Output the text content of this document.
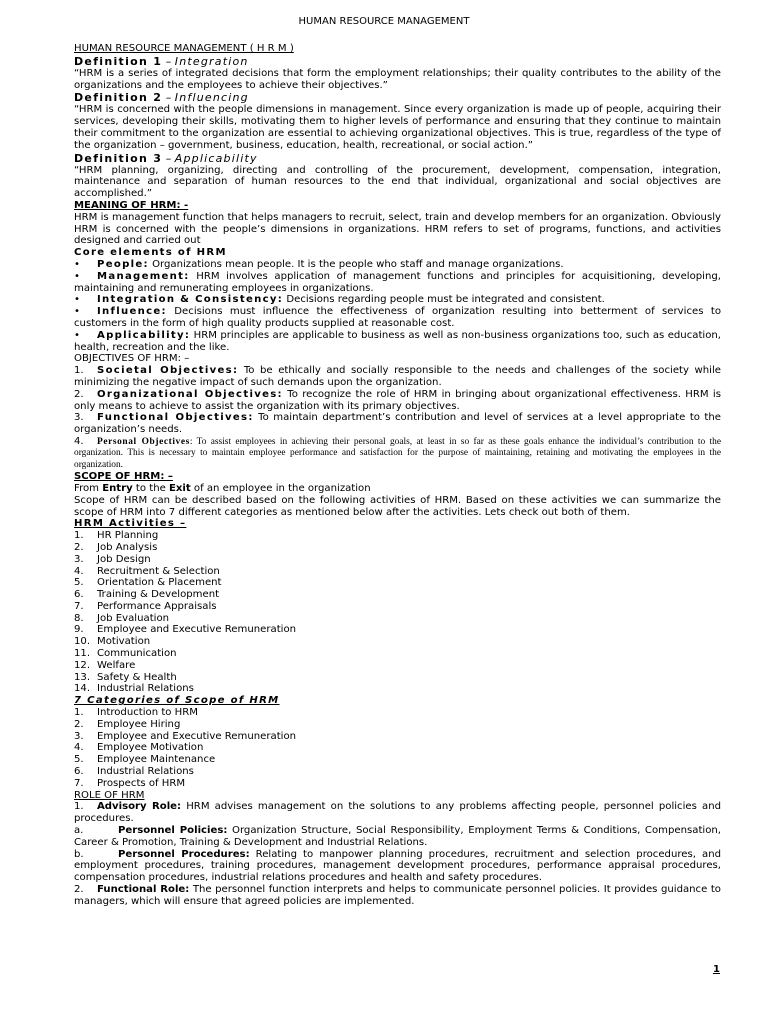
HUMAN RESOURCE MANAGEMENT

HUMAN RESOURCE MANAGEMENT ( H R M )

Definition 1 – Integration

“HRM is a series of integrated decisions that form the employment relationships; their quality contributes to the ability of the organizations and the employees to achieve their objectives.”

Definition 2 – Influencing

“HRM is concerned with the people dimensions in management. Since every organization is made up of people, acquiring their services, developing their skills, motivating them to higher levels of performance and ensuring that they continue to maintain their commitment to the organization are essential to achieving organizational objectives. This is true, regardless of the type of the organization – government, business, education, health, recreational, or social action.”

Definition 3 – Applicability

“HRM planning, organizing, directing and controlling of the procurement, development, compensation, integration, maintenance and separation of human resources to the end that individual, organizational and social objectives are accomplished.”

MEANING OF HRM: -

HRM is management function that helps managers to recruit, select, train and develop members for an organization. Obviously HRM is concerned with the people’s dimensions in organizations. HRM refers to set of programs, functions, and activities designed and carried out

Core elements of HRM

• People: Organizations mean people. It is the people who staff and manage organizations.

• Management: HRM involves application of management functions and principles for acquisitioning, developing, maintaining and remunerating employees in organizations.

• Integration & Consistency: Decisions regarding people must be integrated and consistent.

• Influence: Decisions must influence the effectiveness of organization resulting into betterment of services to customers in the form of high quality products supplied at reasonable cost.

• Applicability: HRM principles are applicable to business as well as non-business organizations too, such as education, health, recreation and the like.

OBJECTIVES OF HRM: –

1. Societal Objectives: To be ethically and socially responsible to the needs and challenges of the society while minimizing the negative impact of such demands upon the organization.

2. Organizational Objectives: To recognize the role of HRM in bringing about organizational effectiveness. HRM is only means to achieve to assist the organization with its primary objectives.

3. Functional Objectives: To maintain department’s contribution and level of services at a level appropriate to the organization’s needs.

4. Personal Objectives: To assist employees in achieving their personal goals, at least in so far as these goals enhance the individual’s contribution to the organization. This is necessary to maintain employee performance and satisfaction for the purpose of maintaining, retaining and motivating the employees in the organization.

SCOPE OF HRM: –

From Entry to the Exit of an employee in the organization

Scope of HRM can be described based on the following activities of HRM. Based on these activities we can summarize the scope of HRM into 7 different categories as mentioned below after the activities. Lets check out both of them.

HRM Activities –

1. HR Planning
2. Job Analysis
3. Job Design
4. Recruitment & Selection
5. Orientation & Placement
6. Training & Development
7. Performance Appraisals
8. Job Evaluation
9. Employee and Executive Remuneration
10. Motivation
11. Communication
12. Welfare
13. Safety & Health
14. Industrial Relations

7 Categories of Scope of HRM

1. Introduction to HRM
2. Employee Hiring
3. Employee and Executive Remuneration
4. Employee Motivation
5. Employee Maintenance
6. Industrial Relations
7. Prospects of HRM

ROLE OF HRM

1. Advisory Role: HRM advises management on the solutions to any problems affecting people, personnel policies and procedures.

a.	Personnel Policies: Organization Structure, Social Responsibility, Employment Terms & Conditions, Compensation, Career & Promotion, Training & Development and Industrial Relations.

b.	Personnel Procedures: Relating to manpower planning procedures, recruitment and selection procedures, and employment procedures, training procedures, management development procedures, performance appraisal procedures, compensation procedures, industrial relations procedures and health and safety procedures.

2. Functional Role: The personnel function interprets and helps to communicate personnel policies. It provides guidance to managers, which will ensure that agreed policies are implemented.

1
